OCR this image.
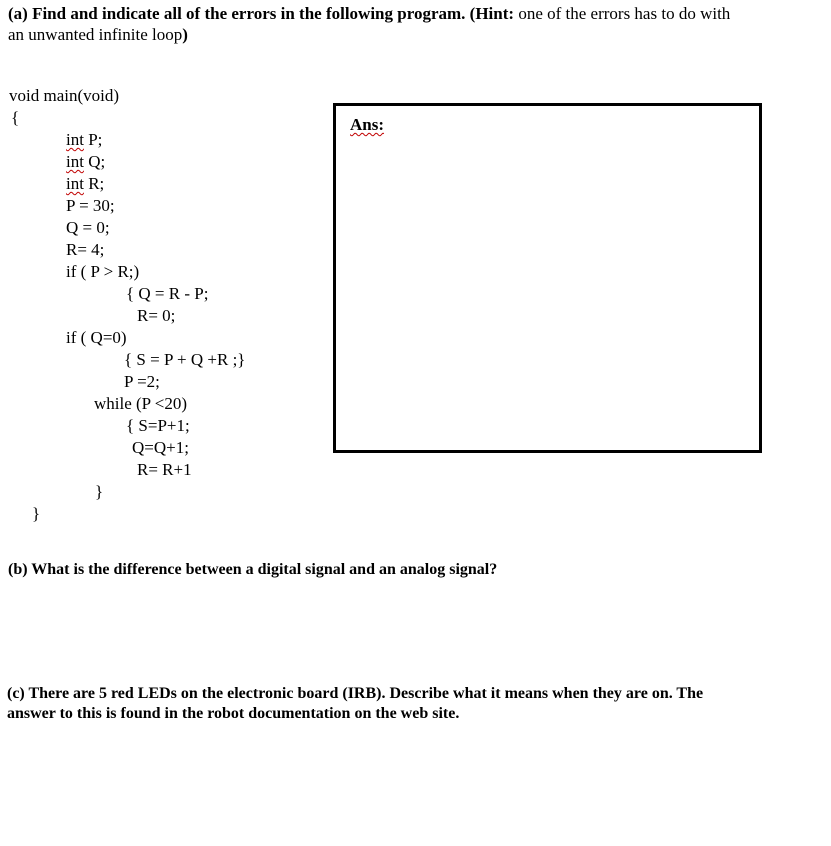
(a) Find and indicate all of the errors in the following program. (Hint: one of the errors has to do with
an unwanted infinite loop)
void main(void)
{
int P;
int Q;
int R;
P = 30;
Q = 0;
R= 4;
if ( P > R;)
{ Q = R - P;
R= 0;
if ( Q=0)
{ S = P + Q +R ;}
P =2;
while (P <20)
{ S=P+1;
Q=Q+1;
R= R+1
}
}
Ans:
(b) What is the difference between a digital signal and an analog signal?
(c) There are 5 red LEDs on the electronic board (IRB). Describe what it means when they are on. The
answer to this is found in the robot documentation on the web site.
